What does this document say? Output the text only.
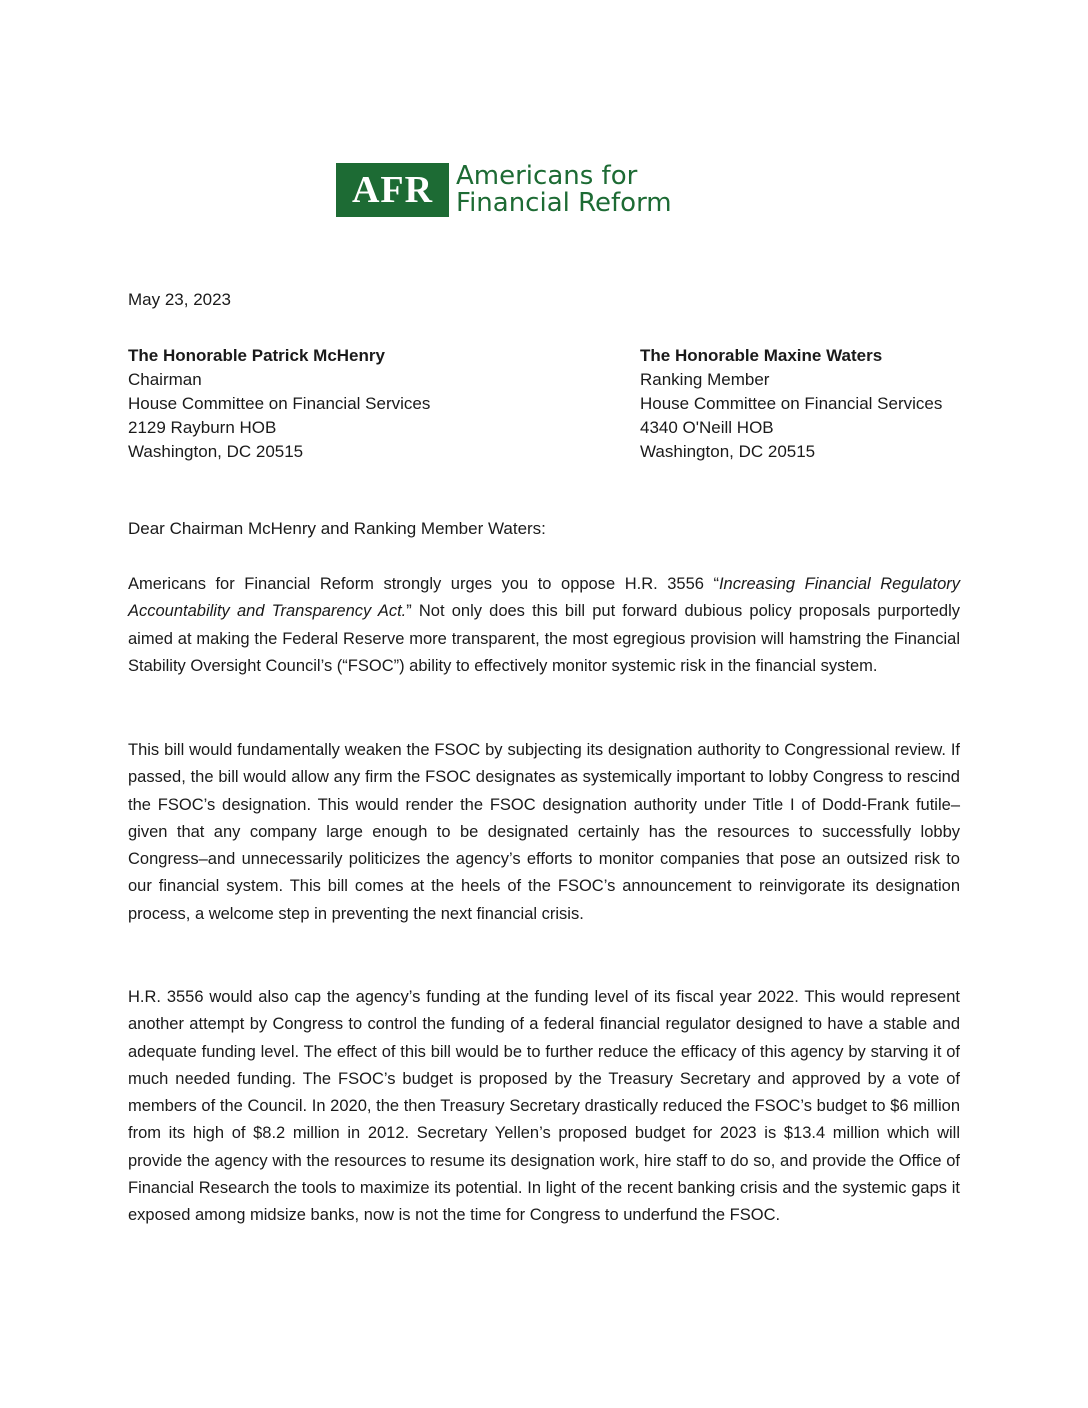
AFR Americans for
Financial Reform
May 23, 2023
The Honorable Patrick McHenry
Chairman
House Committee on Financial Services
2129 Rayburn HOB
Washington, DC 20515
The Honorable Maxine Waters
Ranking Member
House Committee on Financial Services
4340 O'Neill HOB
Washington, DC 20515
Dear Chairman McHenry and Ranking Member Waters:

Americans for Financial Reform strongly urges you to oppose H.R. 3556 “Increasing Financial Regulatory Accountability and Transparency Act.” Not only does this bill put forward dubious policy proposals purportedly aimed at making the Federal Reserve more transparent, the most egregious provision will hamstring the Financial Stability Oversight Council’s (“FSOC”) ability to effectively monitor systemic risk in the financial system.

This bill would fundamentally weaken the FSOC by subjecting its designation authority to Congressional review. If passed, the bill would allow any firm the FSOC designates as systemically important to lobby Congress to rescind the FSOC’s designation. This would render the FSOC designation authority under Title I of Dodd-Frank futile–given that any company large enough to be designated certainly has the resources to successfully lobby Congress–and unnecessarily politicizes the agency’s efforts to monitor companies that pose an outsized risk to our financial system. This bill comes at the heels of the FSOC’s announcement to reinvigorate its designation process, a welcome step in preventing the next financial crisis.

H.R. 3556 would also cap the agency’s funding at the funding level of its fiscal year 2022. This would represent another attempt by Congress to control the funding of a federal financial regulator designed to have a stable and adequate funding level. The effect of this bill would be to further reduce the efficacy of this agency by starving it of much needed funding. The FSOC’s budget is proposed by the Treasury Secretary and approved by a vote of members of the Council. In 2020, the then Treasury Secretary drastically reduced the FSOC’s budget to $6 million from its high of $8.2 million in 2012. Secretary Yellen’s proposed budget for 2023 is $13.4 million which will provide the agency with the resources to resume its designation work, hire staff to do so, and provide the Office of Financial Research the tools to maximize its potential. In light of the recent banking crisis and the systemic gaps it exposed among midsize banks, now is not the time for Congress to underfund the FSOC.
